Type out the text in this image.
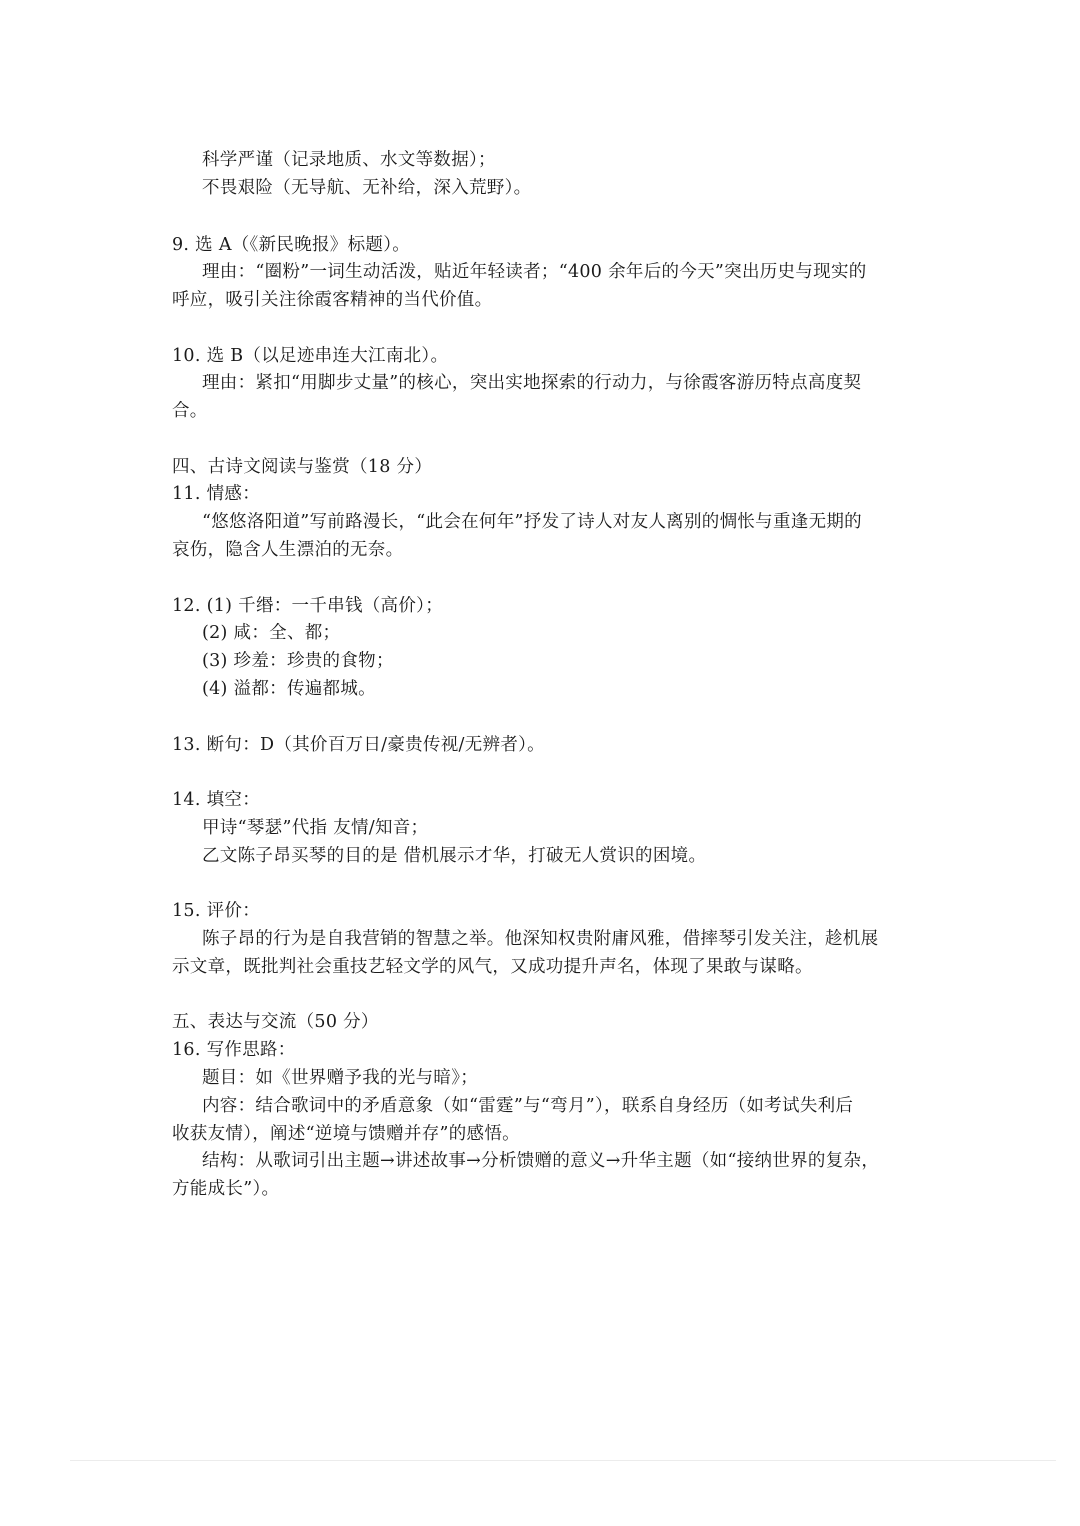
科学严谨（记录地质、水文等数据）；
不畏艰险（无导航、无补给，深入荒野）。
9. 选 A（《新民晚报》标题）。
理由：“圈粉”一词生动活泼，贴近年轻读者；“400 余年后的今天”突出历史与现实的
呼应，吸引关注徐霞客精神的当代价值。
10. 选 B（以足迹串连大江南北）。
理由：紧扣“用脚步丈量”的核心，突出实地探索的行动力，与徐霞客游历特点高度契
合。
四、古诗文阅读与鉴赏（18 分）
11. 情感：
“悠悠洛阳道”写前路漫长，“此会在何年”抒发了诗人对友人离别的惆怅与重逢无期的
哀伤，隐含人生漂泊的无奈。
12. (1) 千缗：一千串钱（高价）；
(2) 咸：全、都；
(3) 珍羞：珍贵的食物；
(4) 溢都：传遍都城。
13. 断句：D（其价百万日/豪贵传视/无辨者）。
14. 填空：
甲诗“琴瑟”代指 友情/知音；
乙文陈子昂买琴的目的是 借机展示才华，打破无人赏识的困境。
15. 评价：
陈子昂的行为是自我营销的智慧之举。他深知权贵附庸风雅，借摔琴引发关注，趁机展
示文章，既批判社会重技艺轻文学的风气，又成功提升声名，体现了果敢与谋略。
五、表达与交流（50 分）
16. 写作思路：
题目：如《世界赠予我的光与暗》；
内容：结合歌词中的矛盾意象（如“雷霆”与“弯月”），联系自身经历（如考试失利后
收获友情），阐述“逆境与馈赠并存”的感悟。
结构：从歌词引出主题→讲述故事→分析馈赠的意义→升华主题（如“接纳世界的复杂，
方能成长”）。
